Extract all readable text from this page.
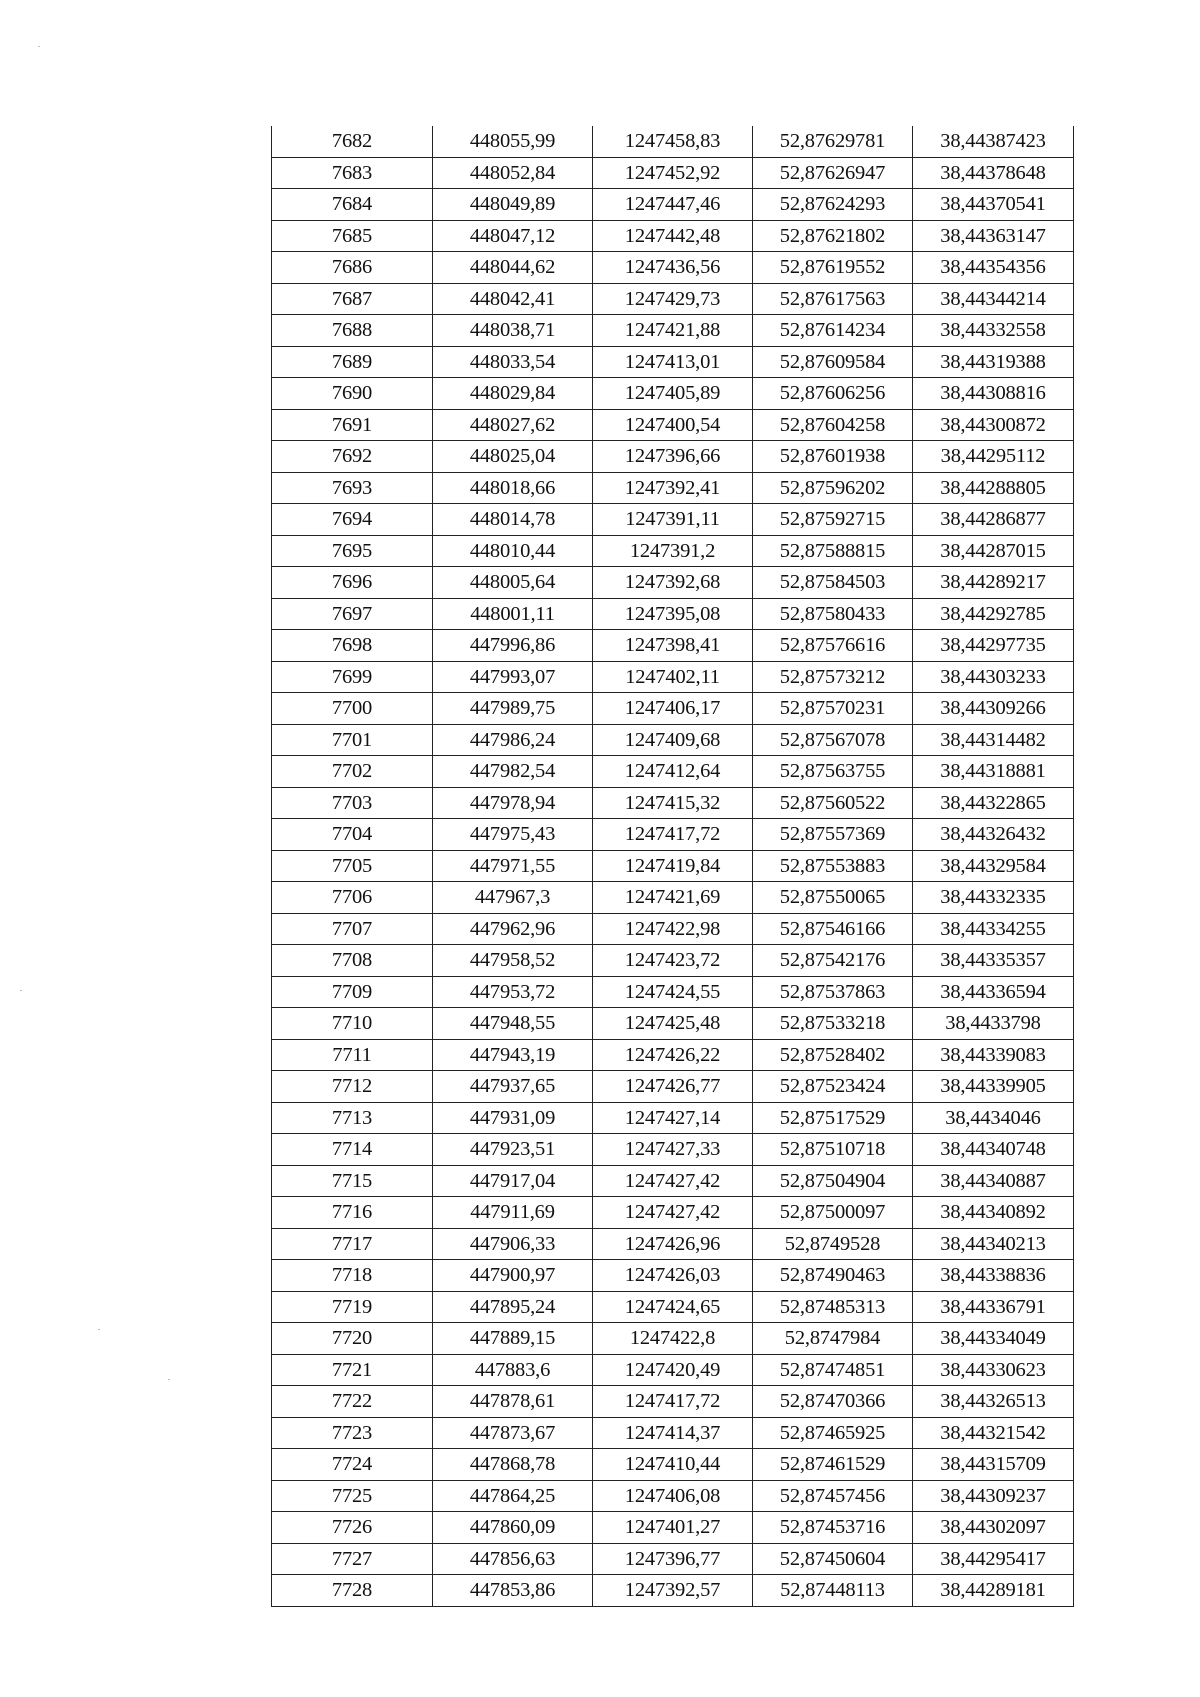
7682	448055,99	1247458,83	52,87629781	38,44387423
7683	448052,84	1247452,92	52,87626947	38,44378648
7684	448049,89	1247447,46	52,87624293	38,44370541
7685	448047,12	1247442,48	52,87621802	38,44363147
7686	448044,62	1247436,56	52,87619552	38,44354356
7687	448042,41	1247429,73	52,87617563	38,44344214
7688	448038,71	1247421,88	52,87614234	38,44332558
7689	448033,54	1247413,01	52,87609584	38,44319388
7690	448029,84	1247405,89	52,87606256	38,44308816
7691	448027,62	1247400,54	52,87604258	38,44300872
7692	448025,04	1247396,66	52,87601938	38,44295112
7693	448018,66	1247392,41	52,87596202	38,44288805
7694	448014,78	1247391,11	52,87592715	38,44286877
7695	448010,44	1247391,2	52,87588815	38,44287015
7696	448005,64	1247392,68	52,87584503	38,44289217
7697	448001,11	1247395,08	52,87580433	38,44292785
7698	447996,86	1247398,41	52,87576616	38,44297735
7699	447993,07	1247402,11	52,87573212	38,44303233
7700	447989,75	1247406,17	52,87570231	38,44309266
7701	447986,24	1247409,68	52,87567078	38,44314482
7702	447982,54	1247412,64	52,87563755	38,44318881
7703	447978,94	1247415,32	52,87560522	38,44322865
7704	447975,43	1247417,72	52,87557369	38,44326432
7705	447971,55	1247419,84	52,87553883	38,44329584
7706	447967,3	1247421,69	52,87550065	38,44332335
7707	447962,96	1247422,98	52,87546166	38,44334255
7708	447958,52	1247423,72	52,87542176	38,44335357
7709	447953,72	1247424,55	52,87537863	38,44336594
7710	447948,55	1247425,48	52,87533218	38,4433798
7711	447943,19	1247426,22	52,87528402	38,44339083
7712	447937,65	1247426,77	52,87523424	38,44339905
7713	447931,09	1247427,14	52,87517529	38,4434046
7714	447923,51	1247427,33	52,87510718	38,44340748
7715	447917,04	1247427,42	52,87504904	38,44340887
7716	447911,69	1247427,42	52,87500097	38,44340892
7717	447906,33	1247426,96	52,8749528	38,44340213
7718	447900,97	1247426,03	52,87490463	38,44338836
7719	447895,24	1247424,65	52,87485313	38,44336791
7720	447889,15	1247422,8	52,8747984	38,44334049
7721	447883,6	1247420,49	52,87474851	38,44330623
7722	447878,61	1247417,72	52,87470366	38,44326513
7723	447873,67	1247414,37	52,87465925	38,44321542
7724	447868,78	1247410,44	52,87461529	38,44315709
7725	447864,25	1247406,08	52,87457456	38,44309237
7726	447860,09	1247401,27	52,87453716	38,44302097
7727	447856,63	1247396,77	52,87450604	38,44295417
7728	447853,86	1247392,57	52,87448113	38,44289181
